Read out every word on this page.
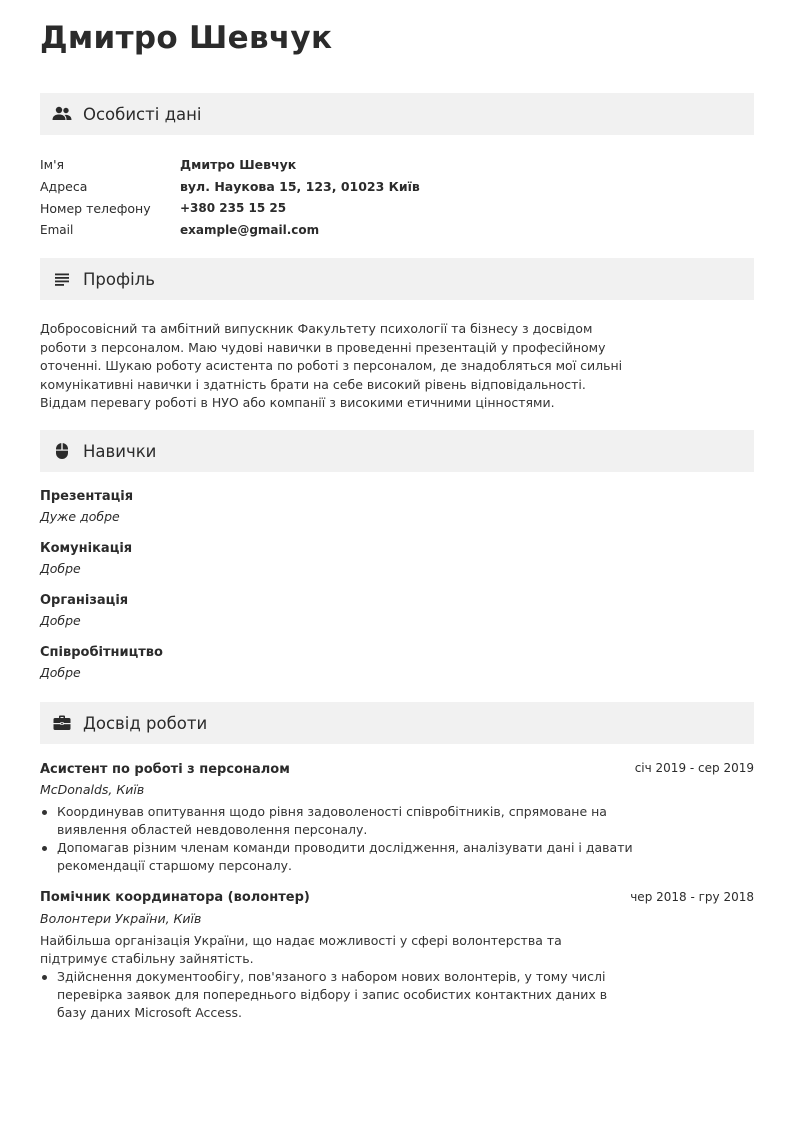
Дмитро Шевчук
Особисті дані
Ім'я	Дмитро Шевчук
Адреса	вул. Наукова 15, 123, 01023 Київ
Номер телефону	+380 235 15 25
Email	example@gmail.com
Профіль
Добросовісний та амбітний випускник Факультету психології та бізнесу з досвідом
роботи з персоналом. Маю чудові навички в проведенні презентацій у професійному
оточенні. Шукаю роботу асистента по роботі з персоналом, де знадобляться мої сильні
комунікативні навички і здатність брати на себе високий рівень відповідальності.
Віддам перевагу роботі в НУО або компанії з високими етичними цінностями.
Навички
Презентація
Дуже добре
Комунікація
Добре
Організація
Добре
Співробітництво
Добре
Досвід роботи
Асистент по роботі з персоналом	січ 2019 - сер 2019
McDonalds, Київ
Координував опитування щодо рівня задоволеності співробітників, спрямоване на виявлення областей невдоволення персоналу.
Допомагав різним членам команди проводити дослідження, аналізувати дані і давати рекомендації старшому персоналу.
Помічник координатора (волонтер)	чер 2018 - гру 2018
Волонтери України, Київ
Найбільша організація України, що надає можливості у сфері волонтерства та підтримує стабільну зайнятість.
Здійснення документообігу, пов'язаного з набором нових волонтерів, у тому числі перевірка заявок для попереднього відбору і запис особистих контактних даних в базу даних Microsoft Access.
